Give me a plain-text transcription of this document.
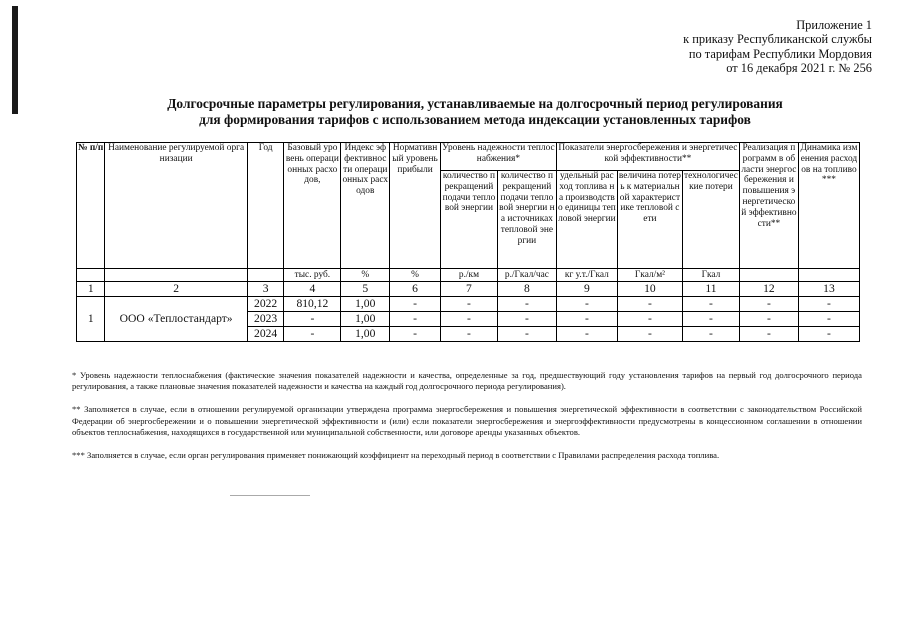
Приложение 1
к приказу Республиканской службы
по тарифам Республики Мордовия
от 16 декабря 2021 г. № 256
Долгосрочные параметры регулирования, устанавливаемые на долгосрочный период регулирования
для формирования тарифов с использованием метода индексации установленных тарифов
№ п/п	Наименование регулируемой организации	Год	Базовый уровень операционных расходов,	Индекс эффективности операционных расходов	Нормативный уровень прибыли	Уровень надежности теплоснабжения*		Показатели энергосбережения и энергетической эффективности**			Реализация программ в области энергосбережения и повышения энергетической эффективности**	Динамика изменения расходов на топливо***
						количество прекращений подачи тепловой энергии	количество прекращений подачи тепловой энергии на источниках тепловой энергии	удельный расход топлива на производство единицы тепловой энергии	величина потерь к материальной характеристике тепловой сети	технологические потери		
			тыс. руб.	%	%	р./км	р./Гкал/час	кг у.т./Гкал	Гкал/м²	Гкал		
1	2	3	4	5	6	7	8	9	10	11	12	13
1	ООО «Теплостандарт»	2022	810,12	1,00	-	-	-	-	-	-	-	-
		2023	-	1,00	-	-	-	-	-	-	-	-
		2024	-	1,00	-	-	-	-	-	-	-	-

* Уровень надежности теплоснабжения (фактические значения показателей надежности и качества, определенные за год, предшествующий году установления тарифов на первый год долгосрочного периода регулирования, а также плановые значения показателей надежности и качества на каждый год долгосрочного периода регулирования).

** Заполняется в случае, если в отношении регулируемой организации утверждена программа энергосбережения и повышения энергетической эффективности в соответствии с законодательством Российской Федерации об энергосбережении и о повышении энергетической эффективности и (или) если показатели энергосбережения и энергоэффективности предусмотрены в концессионном соглашении в отношении объектов теплоснабжения, находящихся в государственной или муниципальной собственности, или договоре аренды указанных объектов.

*** Заполняется в случае, если орган регулирования применяет понижающий коэффициент на переходный период в соответствии с Правилами распределения расхода топлива.
